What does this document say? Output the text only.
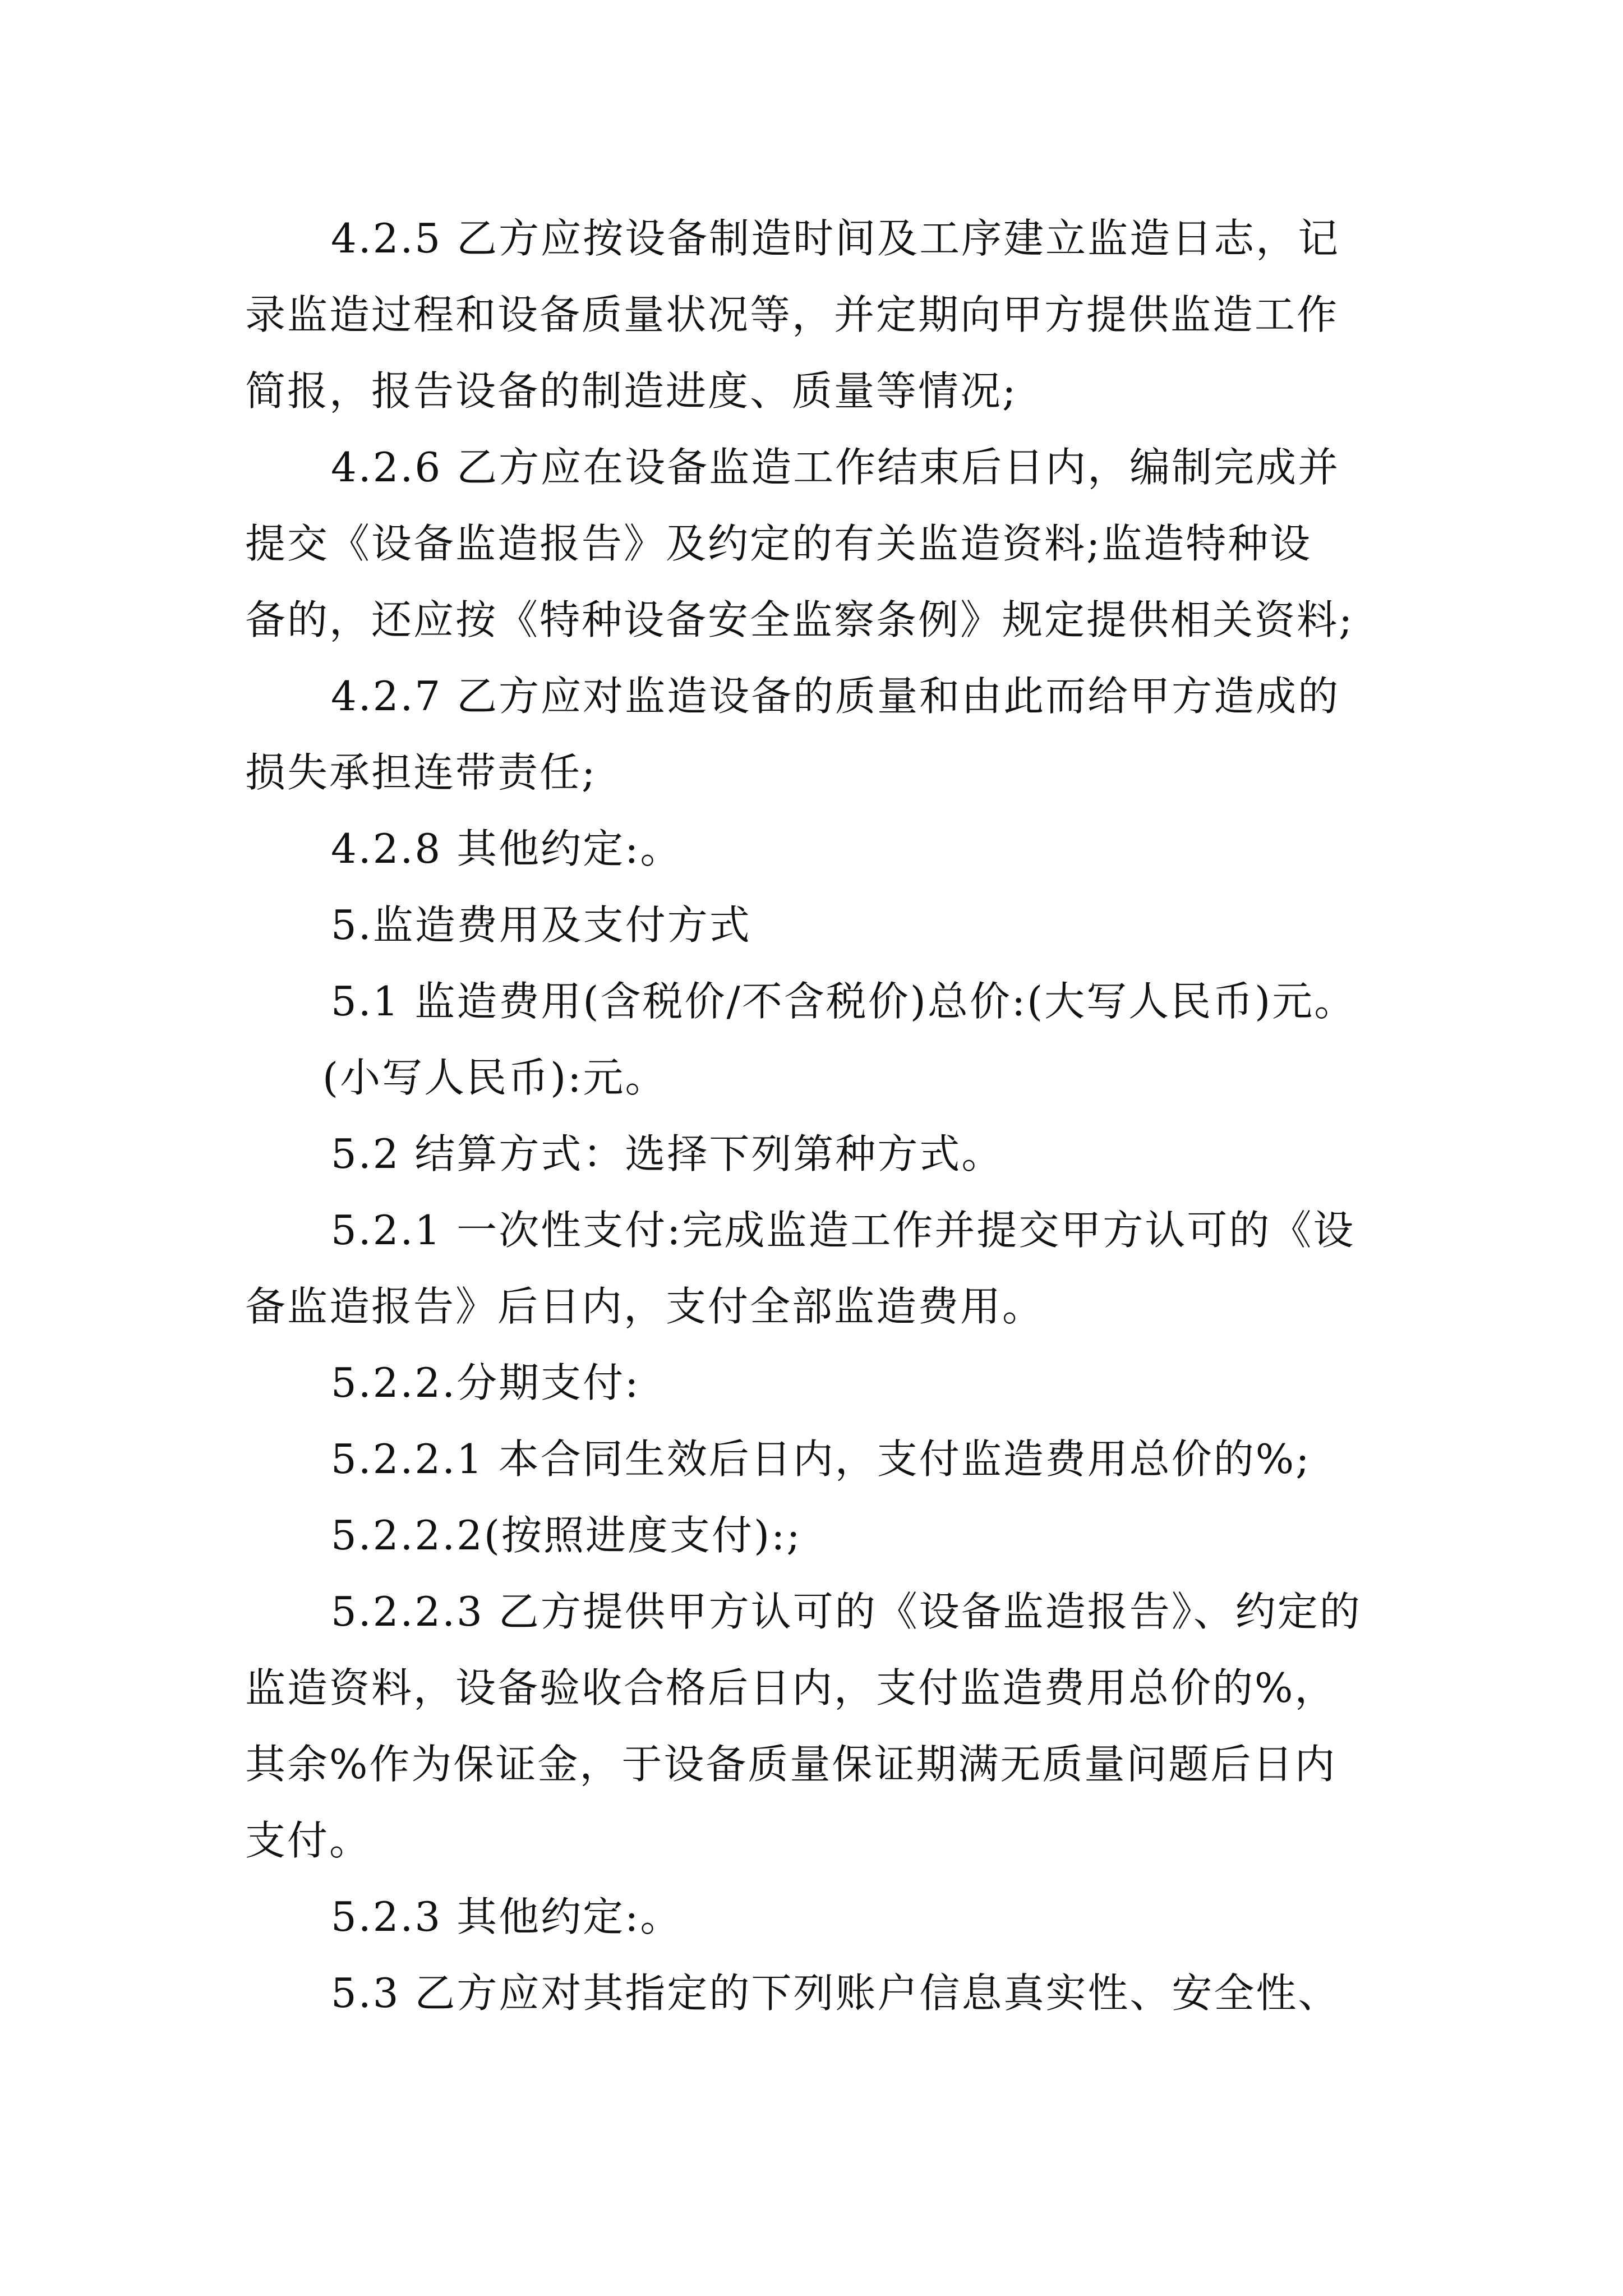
4.2.5 乙方应按设备制造时间及工序建立监造日志，记
录监造过程和设备质量状况等，并定期向甲方提供监造工作
简报，报告设备的制造进度、质量等情况;
4.2.6 乙方应在设备监造工作结束后日内，编制完成并
提交《设备监造报告》及约定的有关监造资料;监造特种设
备的，还应按《特种设备安全监察条例》规定提供相关资料;
4.2.7 乙方应对监造设备的质量和由此而给甲方造成的
损失承担连带责任;
4.2.8 其他约定:。
5.监造费用及支付方式
5.1 监造费用(含税价/不含税价)总价:(大写人民币)元。
(小写人民币):元。
5.2 结算方式：选择下列第种方式。
5.2.1 一次性支付:完成监造工作并提交甲方认可的《设
备监造报告》后日内，支付全部监造费用。
5.2.2.分期支付:
5.2.2.1 本合同生效后日内，支付监造费用总价的%;
5.2.2.2(按照进度支付):;
5.2.2.3 乙方提供甲方认可的《设备监造报告》、约定的
监造资料，设备验收合格后日内，支付监造费用总价的%，
其余%作为保证金，于设备质量保证期满无质量问题后日内
支付。
5.2.3 其他约定:。
5.3 乙方应对其指定的下列账户信息真实性、安全性、
